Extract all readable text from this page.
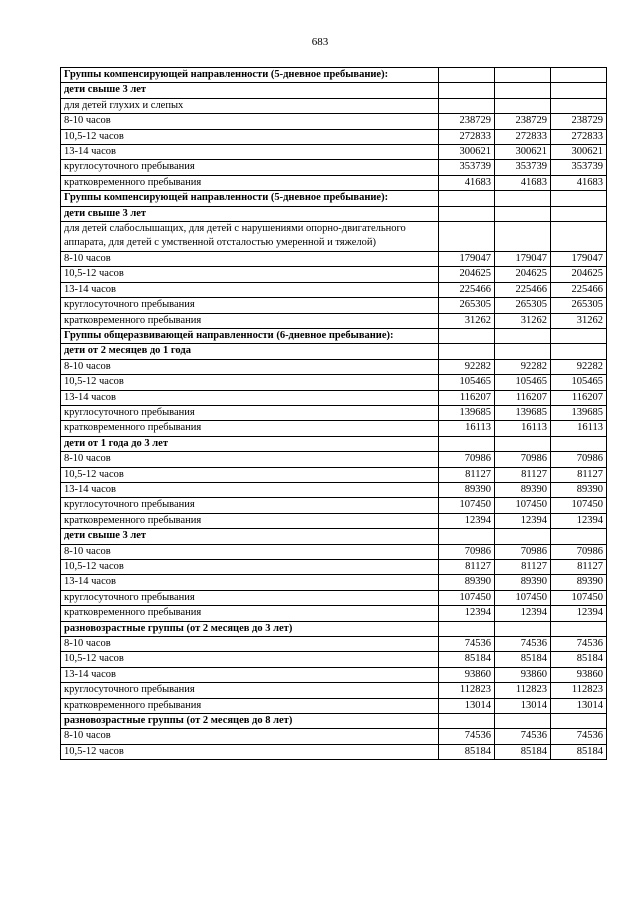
683
Группы компенсирующей направленности (5-дневное пребывание):			
дети свыше 3 лет			
для детей глухих и слепых			
8-10 часов	238729	238729	238729
10,5-12 часов	272833	272833	272833
13-14 часов	300621	300621	300621
круглосуточного пребывания	353739	353739	353739
кратковременного пребывания	41683	41683	41683
Группы компенсирующей направленности (5-дневное пребывание):			
дети свыше 3 лет			
для детей слабослышащих, для детей с нарушениями опорно-двигательного аппарата, для детей с умственной отсталостью умеренной и тяжелой)			
8-10 часов	179047	179047	179047
10,5-12 часов	204625	204625	204625
13-14 часов	225466	225466	225466
круглосуточного пребывания	265305	265305	265305
кратковременного пребывания	31262	31262	31262
Группы общеразвивающей направленности (6-дневное пребывание):			
дети от 2 месяцев до 1 года			
8-10 часов	92282	92282	92282
10,5-12 часов	105465	105465	105465
13-14 часов	116207	116207	116207
круглосуточного пребывания	139685	139685	139685
кратковременного пребывания	16113	16113	16113
дети от 1 года до 3 лет			
8-10 часов	70986	70986	70986
10,5-12 часов	81127	81127	81127
13-14 часов	89390	89390	89390
круглосуточного пребывания	107450	107450	107450
кратковременного пребывания	12394	12394	12394
дети свыше 3 лет			
8-10 часов	70986	70986	70986
10,5-12 часов	81127	81127	81127
13-14 часов	89390	89390	89390
круглосуточного пребывания	107450	107450	107450
кратковременного пребывания	12394	12394	12394
разновозрастные группы (от 2 месяцев до 3 лет)			
8-10 часов	74536	74536	74536
10,5-12 часов	85184	85184	85184
13-14 часов	93860	93860	93860
круглосуточного пребывания	112823	112823	112823
кратковременного пребывания	13014	13014	13014
разновозрастные группы (от 2 месяцев до 8 лет)			
8-10 часов	74536	74536	74536
10,5-12 часов	85184	85184	85184
